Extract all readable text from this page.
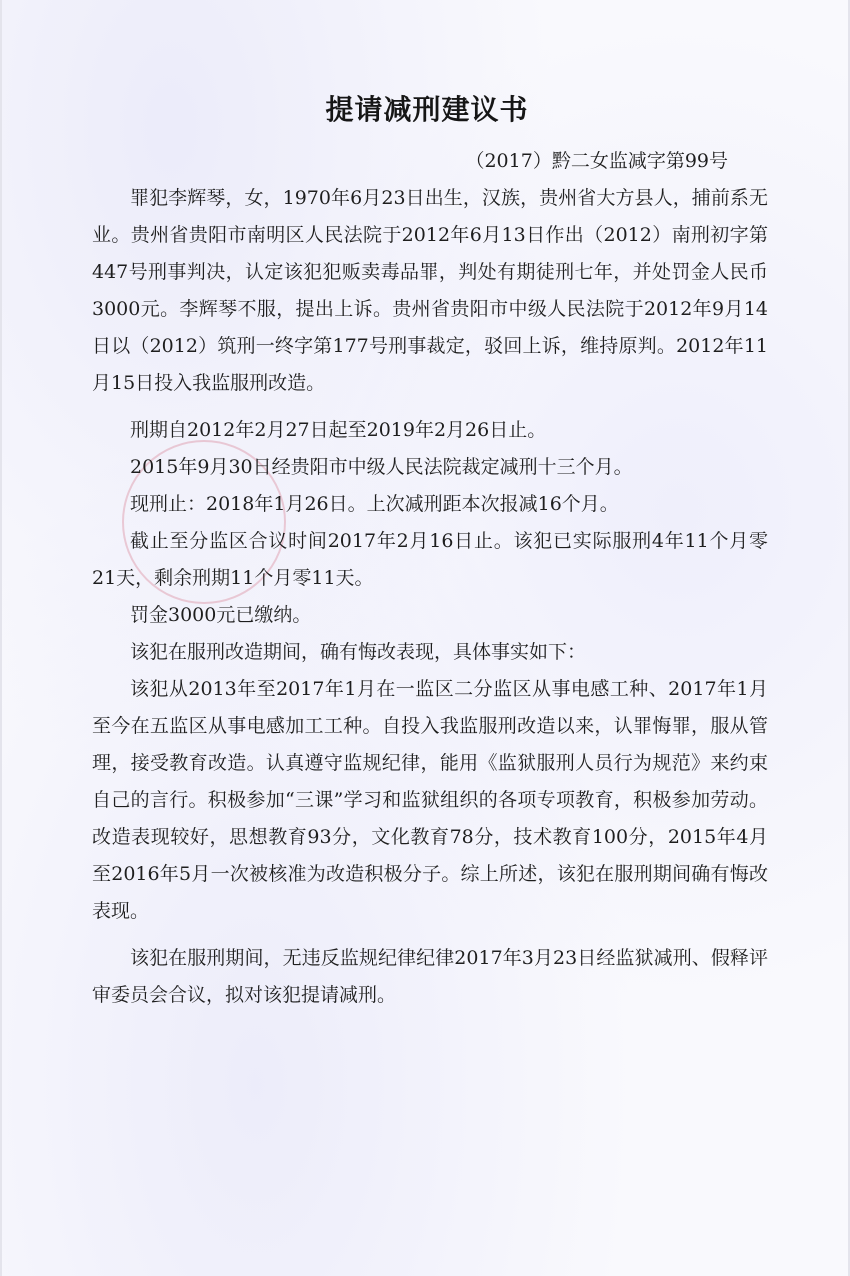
提请减刑建议书
（2017）黔二女监减字第99号

罪犯李辉琴，女，1970年6月23日出生，汉族，贵州省大方县人，捕前系无业。贵州省贵阳市南明区人民法院于2012年6月13日作出（2012）南刑初字第447号刑事判决，认定该犯犯贩卖毒品罪，判处有期徒刑七年，并处罚金人民币3000元。李辉琴不服，提出上诉。贵州省贵阳市中级人民法院于2012年9月14日以（2012）筑刑一终字第177号刑事裁定，驳回上诉，维持原判。2012年11月15日投入我监服刑改造。

刑期自2012年2月27日起至2019年2月26日止。

2015年9月30日经贵阳市中级人民法院裁定减刑十三个月。

现刑止：2018年1月26日。上次减刑距本次报减16个月。

截止至分监区合议时间2017年2月16日止。该犯已实际服刑4年11个月零21天，剩余刑期11个月零11天。

罚金3000元已缴纳。

该犯在服刑改造期间，确有悔改表现，具体事实如下：

该犯从2013年至2017年1月在一监区二分监区从事电感工种、2017年1月至今在五监区从事电感加工工种。自投入我监服刑改造以来，认罪悔罪，服从管理，接受教育改造。认真遵守监规纪律，能用《监狱服刑人员行为规范》来约束自己的言行。积极参加“三课”学习和监狱组织的各项专项教育，积极参加劳动。改造表现较好，思想教育93分，文化教育78分，技术教育100分，2015年4月至2016年5月一次被核准为改造积极分子。综上所述，该犯在服刑期间确有悔改表现。

该犯在服刑期间，无违反监规纪律纪律2017年3月23日经监狱减刑、假释评审委员会合议，拟对该犯提请减刑。
